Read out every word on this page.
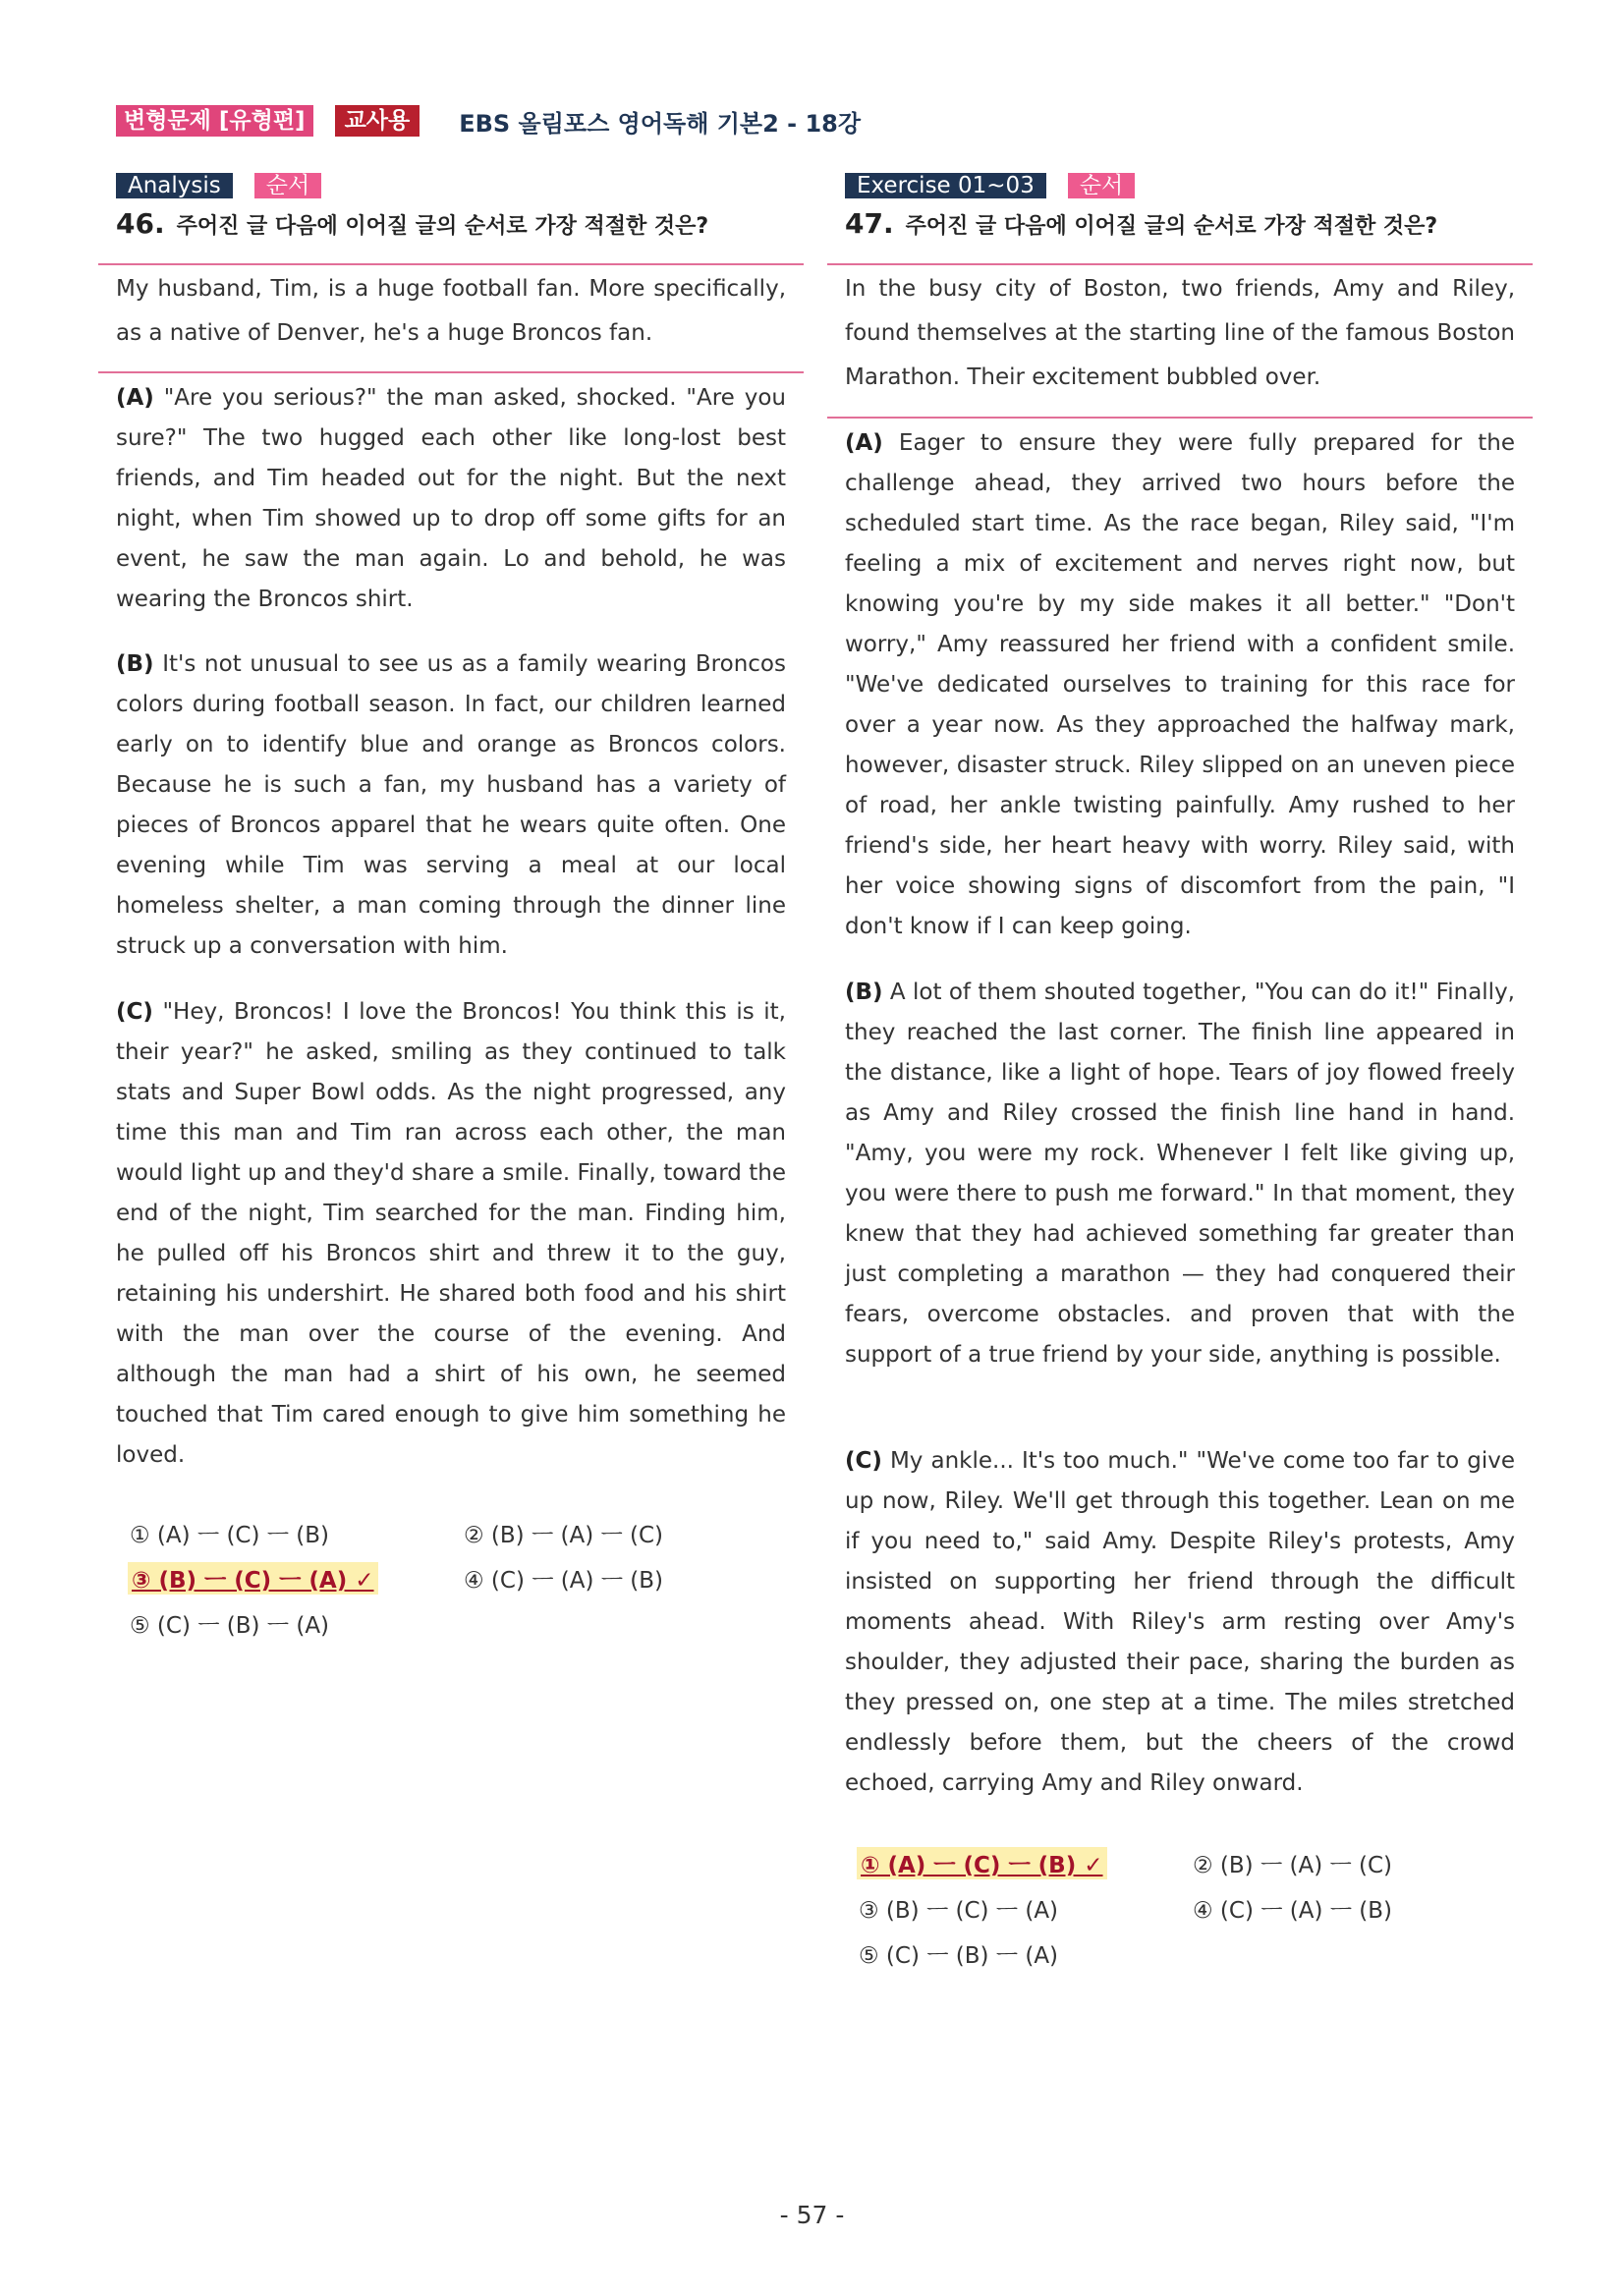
변형문제 [유형편]	교사용	EBS 올림포스 영어독해 기본2 - 18강
Analysis	순서
46. 주어진 글 다음에 이어질 글의 순서로 가장 적절한 것은?
My husband, Tim, is a huge football fan. More specifically, as a native of Denver, he's a huge Broncos fan.
(A) "Are you serious?" the man asked, shocked. "Are you sure?" The two hugged each other like long-lost best friends, and Tim headed out for the night. But the next night, when Tim showed up to drop off some gifts for an event, he saw the man again. Lo and behold, he was wearing the Broncos shirt.
(B) It's not unusual to see us as a family wearing Broncos colors during football season. In fact, our children learned early on to identify blue and orange as Broncos colors. Because he is such a fan, my husband has a variety of pieces of Broncos apparel that he wears quite often. One evening while Tim was serving a meal at our local homeless shelter, a man coming through the dinner line struck up a conversation with him.
(C) "Hey, Broncos! I love the Broncos! You think this is it, their year?" he asked, smiling as they continued to talk stats and Super Bowl odds. As the night progressed, any time this man and Tim ran across each other, the man would light up and they'd share a smile. Finally, toward the end of the night, Tim searched for the man. Finding him, he pulled off his Broncos shirt and threw it to the guy, retaining his undershirt. He shared both food and his shirt with the man over the course of the evening. And although the man had a shirt of his own, he seemed touched that Tim cared enough to give him something he loved.
① (A) ㅡ (C) ㅡ (B)	② (B) ㅡ (A) ㅡ (C)
③ (B) ㅡ (C) ㅡ (A) ✓	④ (C) ㅡ (A) ㅡ (B)
⑤ (C) ㅡ (B) ㅡ (A)
Exercise 01~03	순서
47. 주어진 글 다음에 이어질 글의 순서로 가장 적절한 것은?
In the busy city of Boston, two friends, Amy and Riley, found themselves at the starting line of the famous Boston Marathon. Their excitement bubbled over.
(A) Eager to ensure they were fully prepared for the challenge ahead, they arrived two hours before the scheduled start time. As the race began, Riley said, "I'm feeling a mix of excitement and nerves right now, but knowing you're by my side makes it all better." "Don't worry," Amy reassured her friend with a confident smile. "We've dedicated ourselves to training for this race for over a year now. As they approached the halfway mark, however, disaster struck. Riley slipped on an uneven piece of road, her ankle twisting painfully. Amy rushed to her friend's side, her heart heavy with worry. Riley said, with her voice showing signs of discomfort from the pain, "I don't know if I can keep going.
(B) A lot of them shouted together, "You can do it!" Finally, they reached the last corner. The finish line appeared in the distance, like a light of hope. Tears of joy flowed freely as Amy and Riley crossed the finish line hand in hand. "Amy, you were my rock. Whenever I felt like giving up, you were there to push me forward." In that moment, they knew that they had achieved something far greater than just completing a marathon — they had conquered their fears, overcome obstacles. and proven that with the support of a true friend by your side, anything is possible.
(C) My ankle... It's too much." "We've come too far to give up now, Riley. We'll get through this together. Lean on me if you need to," said Amy. Despite Riley's protests, Amy insisted on supporting her friend through the difficult moments ahead. With Riley's arm resting over Amy's shoulder, they adjusted their pace, sharing the burden as they pressed on, one step at a time. The miles stretched endlessly before them, but the cheers of the crowd echoed, carrying Amy and Riley onward.
① (A) ㅡ (C) ㅡ (B) ✓	② (B) ㅡ (A) ㅡ (C)
③ (B) ㅡ (C) ㅡ (A)	④ (C) ㅡ (A) ㅡ (B)
⑤ (C) ㅡ (B) ㅡ (A)
- 57 -
